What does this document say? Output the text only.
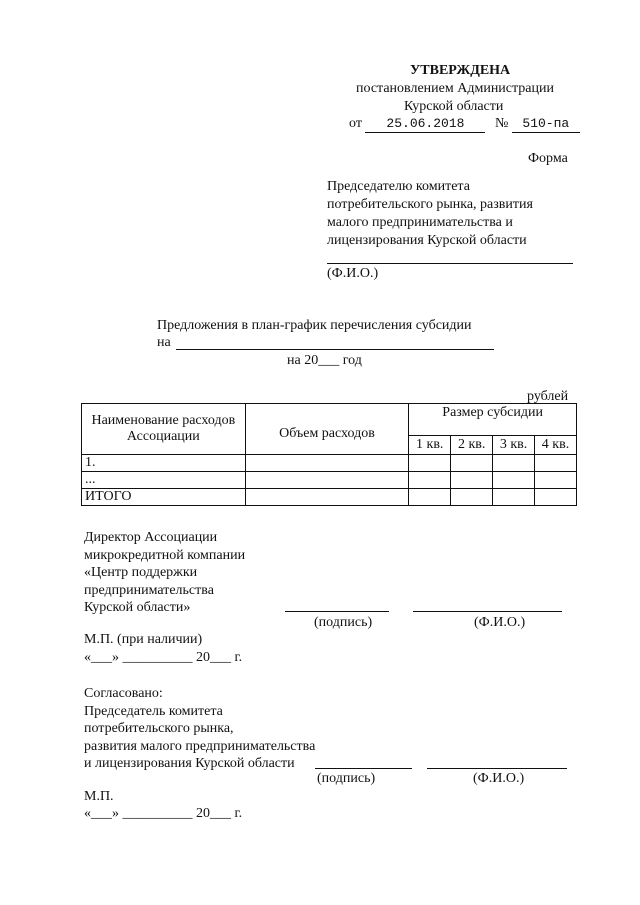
УТВЕРЖДЕНА
постановлением Администрации
Курской области
от 25.06.2018 № 510-па
Форма
Председателю комитета
потребительского рынка, развития
малого предпринимательства и
лицензирования Курской области
(Ф.И.О.)
Предложения в план-график перечисления субсидии
на
на 20___ год
рублей
Наименование расходов Ассоциации	Объем расходов	Размер субсидии			
		1 кв.	2 кв.	3 кв.	4 кв.
1.					
...					
ИТОГО					
Директор Ассоциации
микрокредитной компании
«Центр поддержки
предпринимательства
Курской области»
(подпись)	(Ф.И.О.)
М.П. (при наличии)
«___» __________ 20___ г.
Согласовано:
Председатель комитета
потребительского рынка,
развития малого предпринимательства
и лицензирования Курской области
(подпись)	(Ф.И.О.)
М.П.
«___» __________ 20___ г.
